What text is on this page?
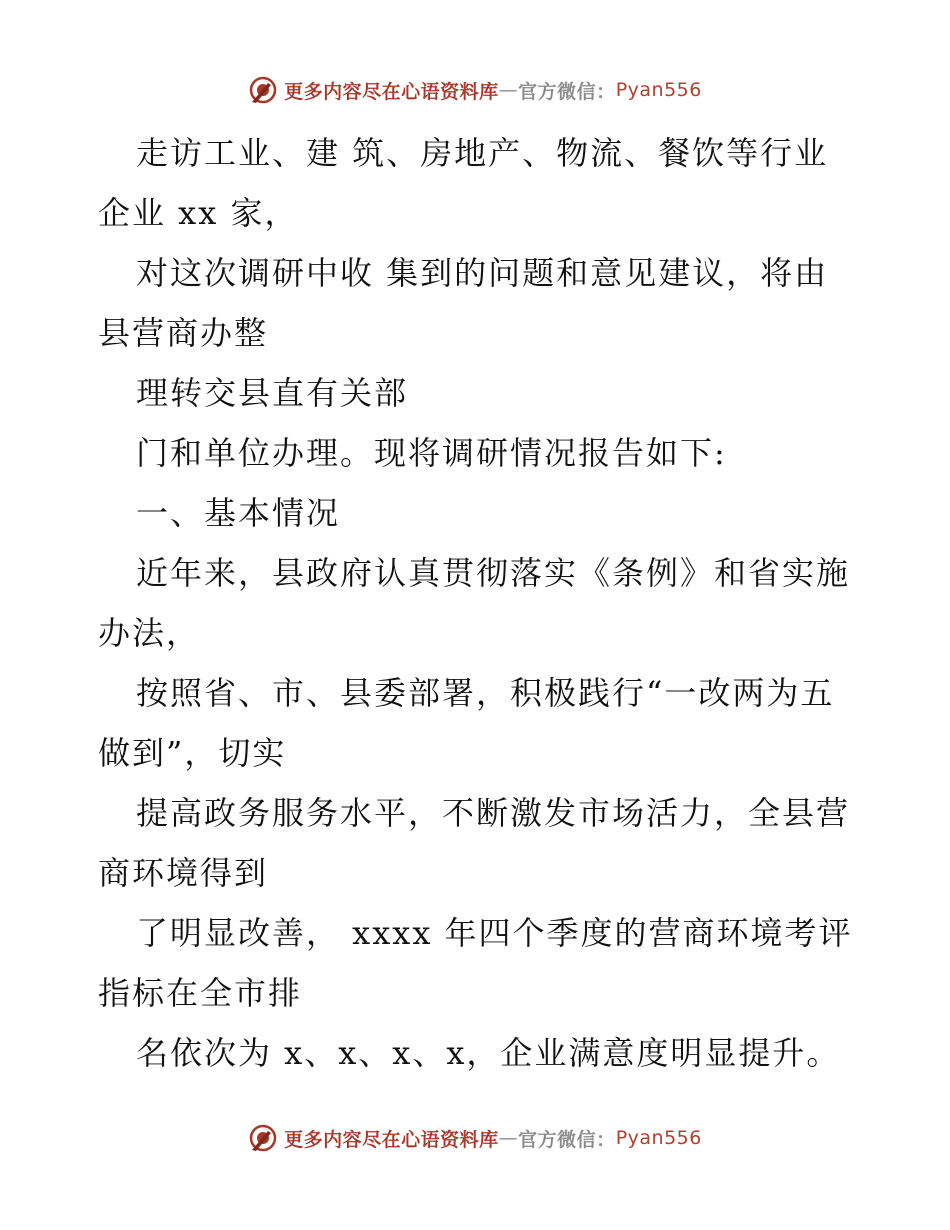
更多内容尽在心语资料库 — 官方微信： Pyan556

走访工业、建 筑、房地产、物流、餐饮等行业企业 xx 家，

对这次调研中收 集到的问题和意见建议，将由县营商办整

理转交县直有关部

门和单位办理。现将调研情况报告如下:

一、基本情况

近年来，县政府认真贯彻落实《条例》和省实施办法，

按照省、市、县委部署，积极践行“一改两为五做到”，切实

提高政务服务水平，不断激发市场活力，全县营商环境得到

了明显改善， xxxx 年四个季度的营商环境考评指标在全市排

名依次为 x、x、x、x，企业满意度明显提升。

更多内容尽在心语资料库 — 官方微信： Pyan556
